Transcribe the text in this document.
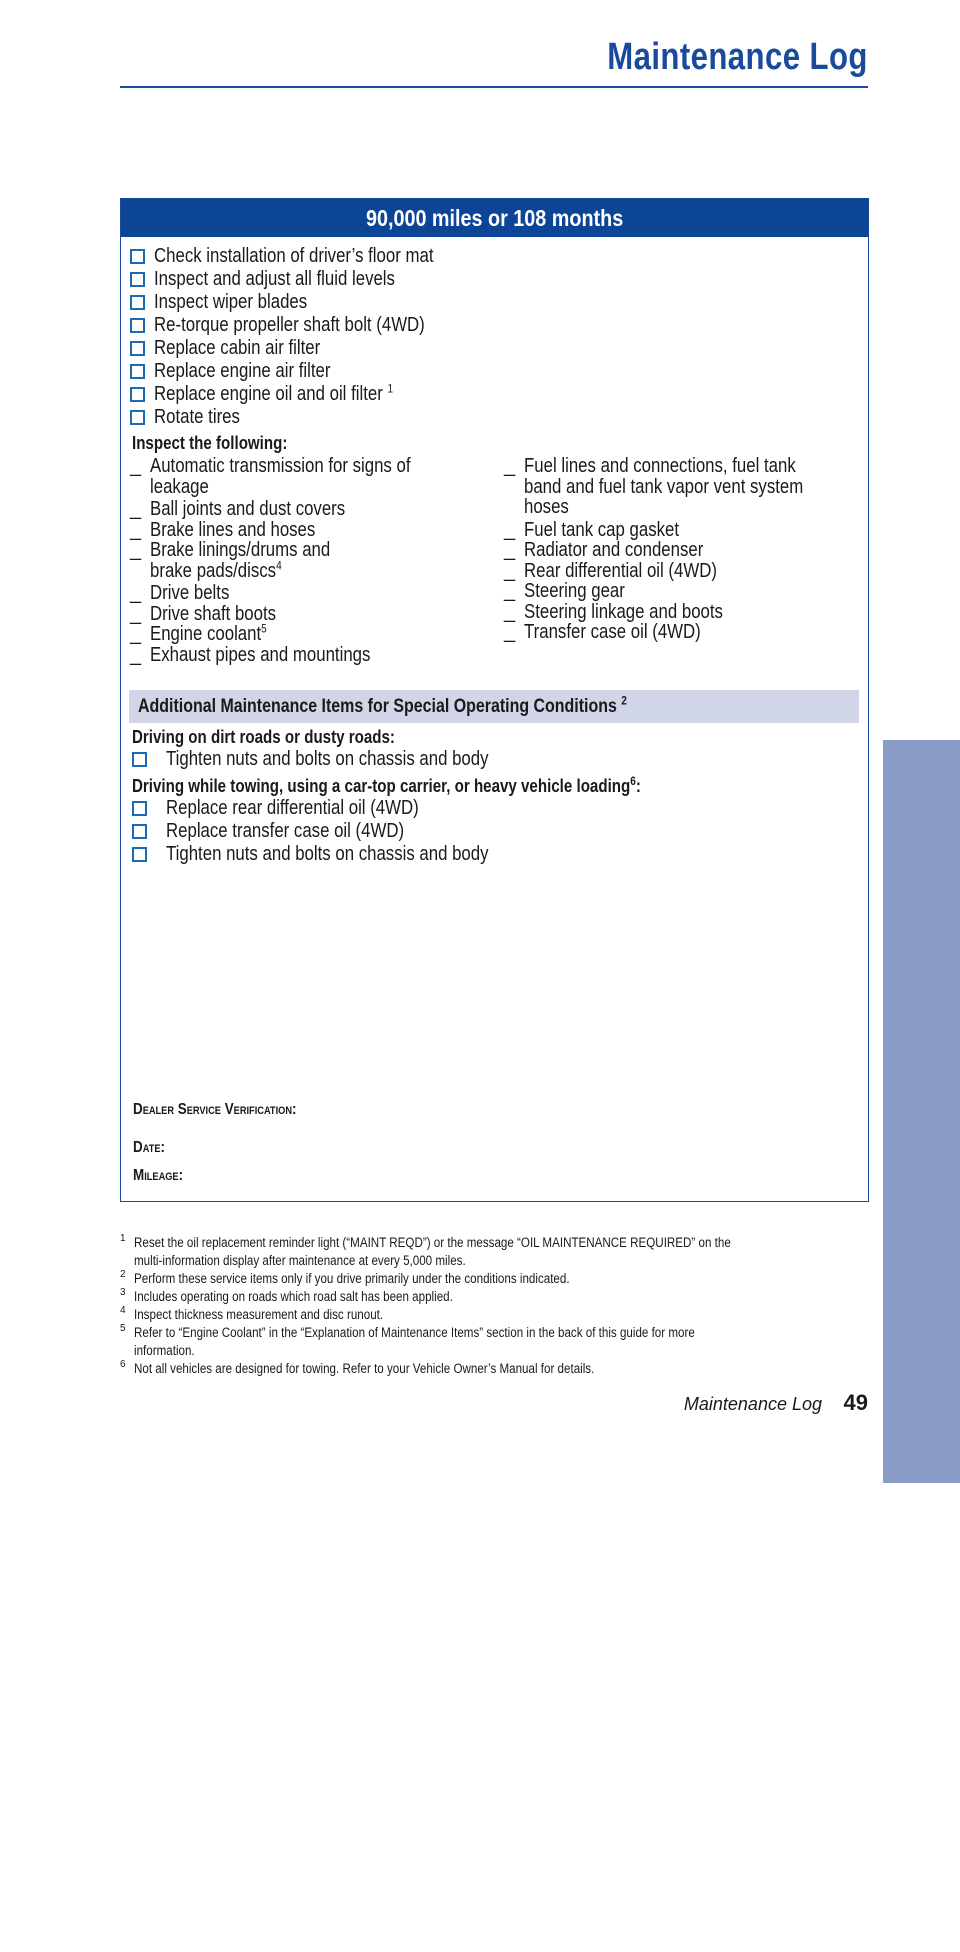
Maintenance Log
MAINTENANCE
90,000 miles or 108 months
Check installation of driver’s floor mat
Inspect and adjust all fluid levels
Inspect wiper blades
Re-torque propeller shaft bolt (4WD)
Replace cabin air filter
Replace engine air filter
Replace engine oil and oil filter $^1$
Rotate tires
Inspect the following:
_ Automatic transmission for signs of
leakage
_ Ball joints and dust covers
_ Brake lines and hoses
_ Brake linings/drums and
brake pads/discs$^4$
_ Drive belts
_ Drive shaft boots
_ Engine coolant$^5$
_ Exhaust pipes and mountings
_ Fuel lines and connections, fuel tank
band and fuel tank vapor vent system
hoses
_ Fuel tank cap gasket
_ Radiator and condenser
_ Rear differential oil (4WD)
_ Steering gear
_ Steering linkage and boots
_ Transfer case oil (4WD)
Additional Maintenance Items for Special Operating Conditions $^2$
Driving on dirt roads or dusty roads:
Tighten nuts and bolts on chassis and body
Driving while towing, using a car-top carrier, or heavy vehicle loading$^6$:
Replace rear differential oil (4WD)
Replace transfer case oil (4WD)
Tighten nuts and bolts on chassis and body
Dealer Service Verification:
Date:
Mileage:
1 Reset the oil replacement reminder light (“MAINT REQD”) or the message “OIL MAINTENANCE REQUIRED” on the
multi-information display after maintenance at every 5,000 miles.
2 Perform these service items only if you drive primarily under the conditions indicated.
3 Includes operating on roads which road salt has been applied.
4 Inspect thickness measurement and disc runout.
5 Refer to “Engine Coolant” in the “Explanation of Maintenance Items” section in the back of this guide for more
information.
6 Not all vehicles are designed for towing. Refer to your Vehicle Owner’s Manual for details.
Maintenance Log 49
